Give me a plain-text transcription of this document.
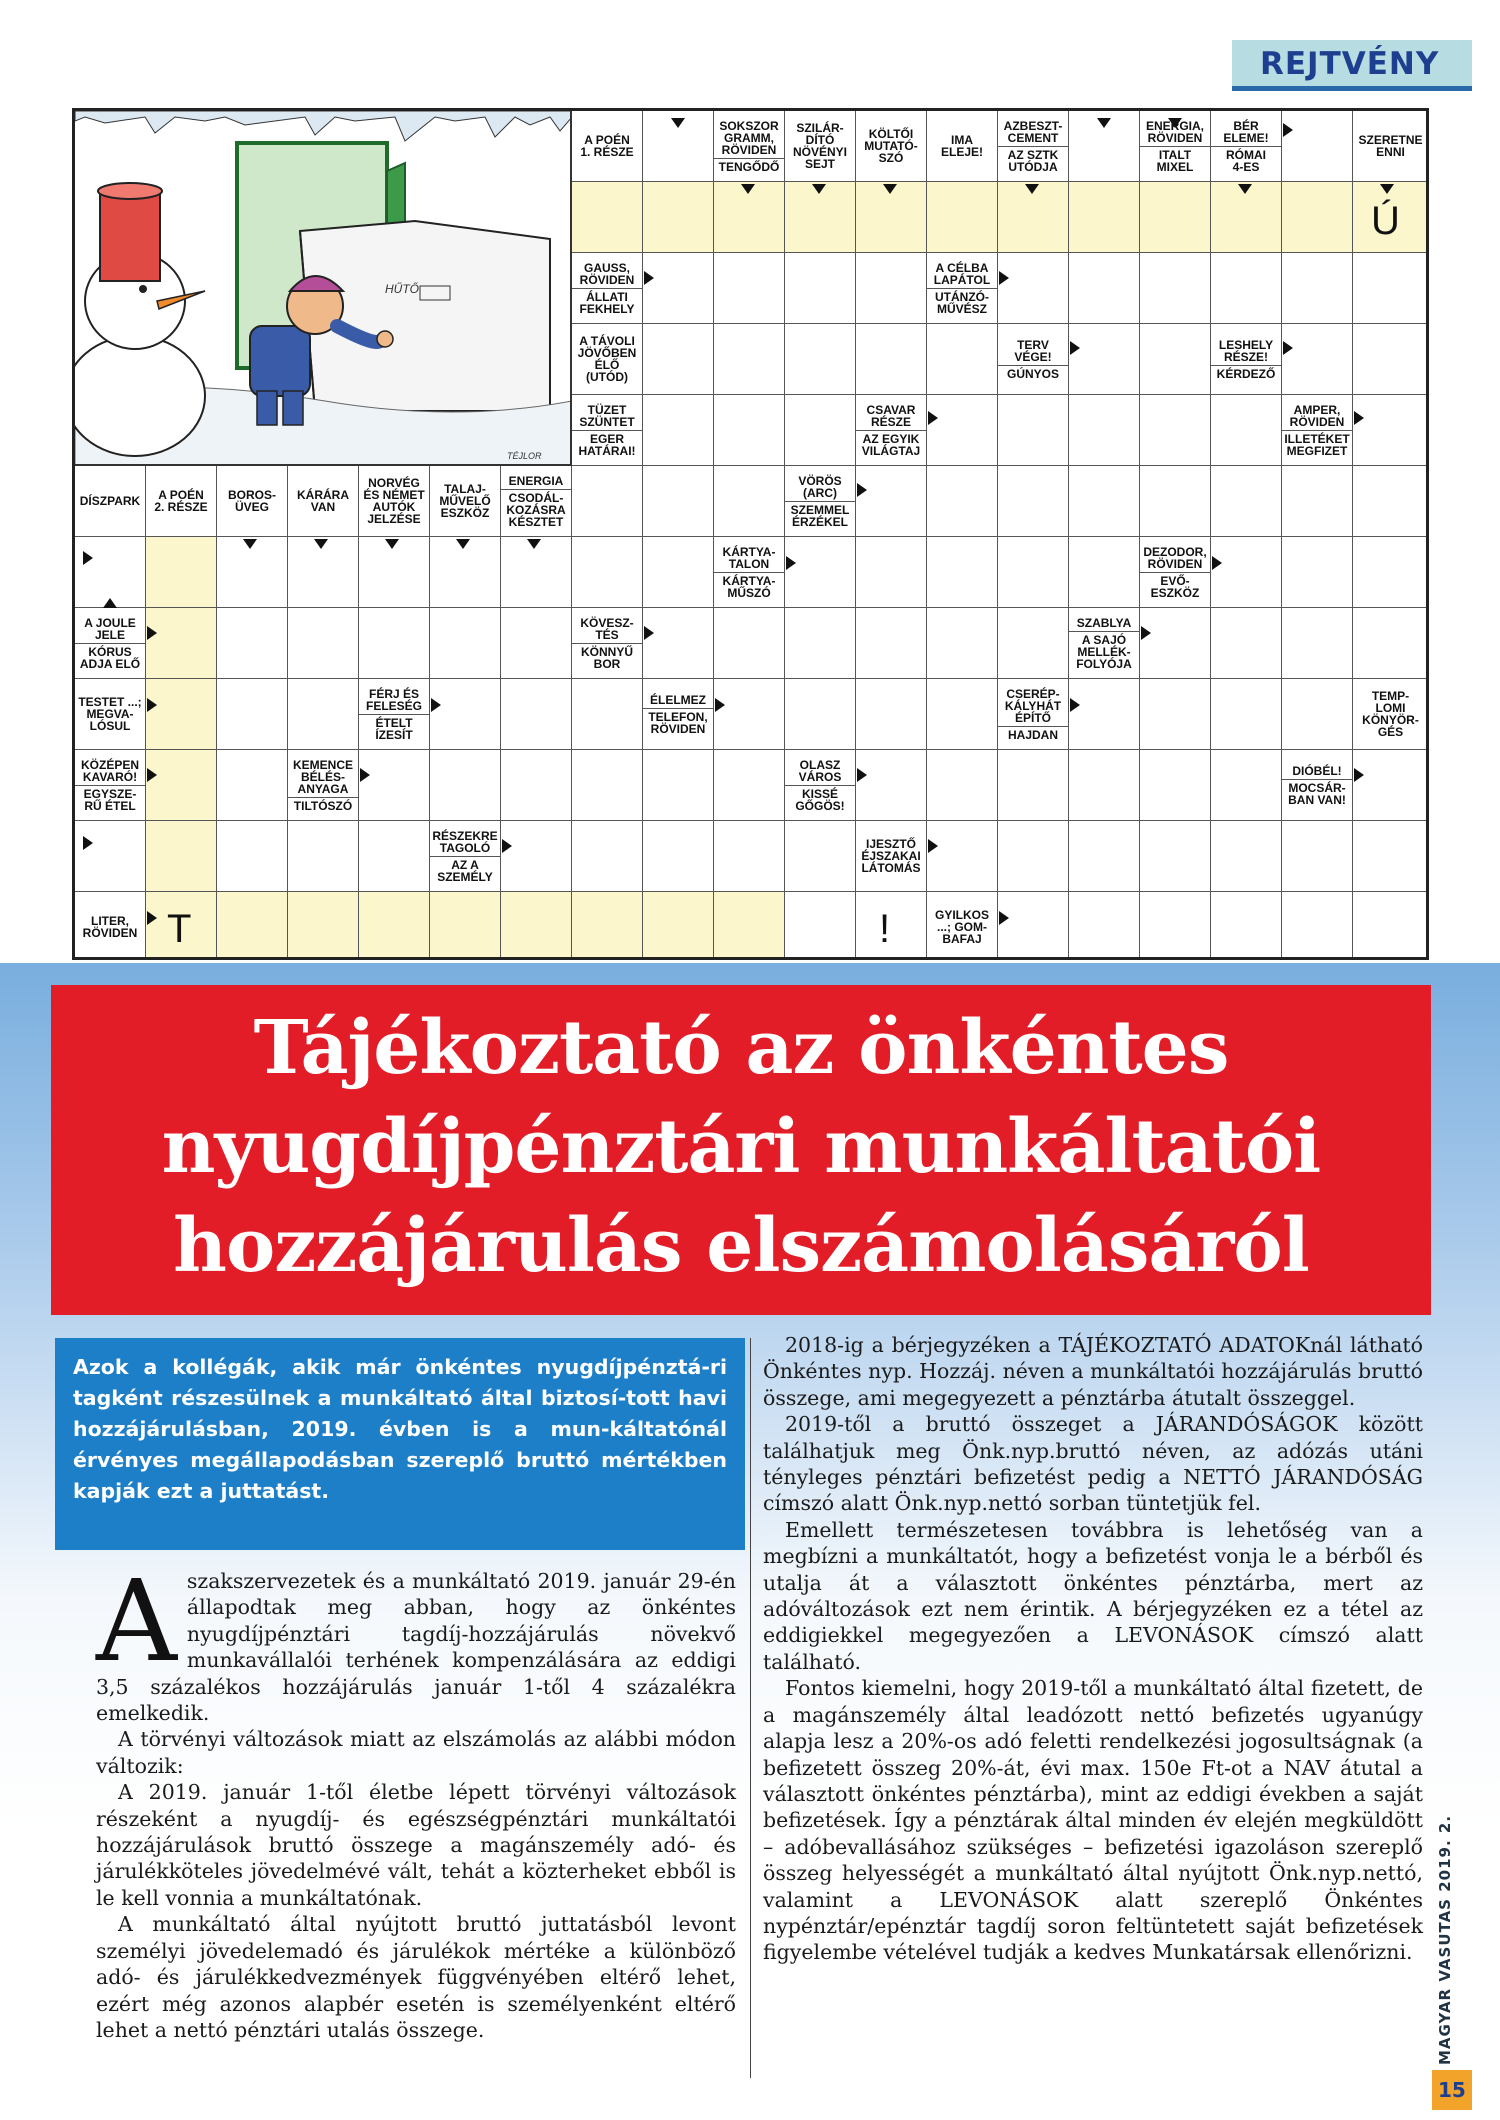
REJTVÉNY
HŰTŐ
TÉJLOR
A POÉN
1. RÉSZE
SOKSZOR
GRAMM,
RÖVIDEN
TENGŐDŐ
SZILÁR-
DÍTÓ
NÖVÉNYI
SEJT
KÖLTŐI
MUTATÓ-
SZÓ
IMA
ELEJE!
AZBESZT-
CEMENT
AZ SZTK
UTÓDJA
ENERGIA,
RÖVIDEN
ITALT
MIXEL
BÉR
ELEME!
RÓMAI
4-ES
SZERETNE
ENNI
GAUSS,
RÖVIDEN
ÁLLATI
FEKHELY
A TÁVOLI
JÖVŐBEN
ÉLŐ
(UTÓD)
TÜZET
SZÜNTET
EGER
HATÁRAI!
A CÉLBA
LAPÁTOL
UTÁNZÓ-
MŰVÉSZ
TERV
VÉGE!
GÚNYOS
LESHELY
RÉSZE!
KÉRDEZŐ
CSAVAR
RÉSZE
AZ EGYIK
VILÁGTAJ
AMPER,
RÖVIDEN
ILLETÉKET
MEGFIZET
DÍSZPARK	A POÉN
2. RÉSZE
BOROS-
ÜVEG
KÁRÁRA
VAN
NORVÉG
ÉS NÉMET
AUTÓK
JELZÉSE
TALAJ-
MŰVELŐ
ESZKÖZ
ENERGIA
CSODÁL-
KOZÁSRA
KÉSZTET
VÖRÖS
(ARC)
SZEMMEL
ÉRZÉKEL
KÁRTYA-
TALON
KÁRTYA-
MŰSZÓ
DEZODOR,
RÖVIDEN
EVŐ-
ESZKÖZ
A JOULE
JELE
KÓRUS
ADJA ELŐ
KÖVESZ-
TÉS
KÖNNYŰ
BOR
SZABLYA
A SAJÓ
MELLÉK-
FOLYÓJA
TESTET ...;
MEGVA-
LÓSUL
FÉRJ ÉS
FELESÉG
ÉTELT
ÍZESÍT
ÉLELMEZ
TELEFON,
RÖVIDEN
CSERÉP-
KÁLYHÁT
ÉPÍTŐ
HAJDAN
TEMP-
LOMI
KÖNYÖR-
GÉS
KÖZÉPEN
KAVARÓ!
EGYSZE-
RŰ ÉTEL
KEMENCE
BÉLÉS-
ANYAGA
TILTÓSZÓ
OLASZ
VÁROS
KISSÉ
GŐGÖS!
DIÓBÉL!
MOCSÁR-
BAN VAN!
RÉSZEKRE
TAGOLÓ
AZ A
SZEMÉLY
IJESZTŐ
ÉJSZAKAI
LÁTOMÁS
LITER,
RÖVIDEN
GYILKOS
...; GOM-
BAFAJ
Ú
T	!
Tájékoztató az önkéntes
nyugdíjpénztári munkáltatói
hozzájárulás elszámolásáról

Azok a kollégák, akik már önkéntes nyugdíjpénztá-ri tagként részesülnek a munkáltató által biztosí-tott havi hozzájárulásban, 2019. évben is a mun-káltatónál érvényes megállapodásban szereplő bruttó mértékben kapják ezt a juttatást.

Aszakszervezetek és a munkáltató 2019. január 29-én állapodtak meg abban, hogy az önkéntes nyugdíjpénztári tagdíj-hozzájárulás növekvő munkavállalói terhének kompenzálására az eddigi 3,5 százalékos hozzájárulás január 1-től 4 százalékra emelkedik.

A törvényi változások miatt az elszámolás az alábbi módon változik:

A 2019. január 1-től életbe lépett törvényi változások részeként a nyugdíj- és egészségpénztári munkáltatói hozzájárulások bruttó összege a magánszemély adó- és járulékköteles jövedelmévé vált, tehát a közterheket ebből is le kell vonnia a munkáltatónak.

A munkáltató által nyújtott bruttó juttatásból levont személyi jövedelemadó és járulékok mértéke a különböző adó- és járulékkedvezmények függvényében eltérő lehet, ezért még azonos alapbér esetén is személyenként eltérő lehet a nettó pénztári utalás összege.

2018-ig a bérjegyzéken a TÁJÉKOZTATÓ ADATOKnál látható Önkéntes nyp. Hozzáj. néven a munkáltatói hozzájárulás bruttó összege, ami megegyezett a pénztárba átutalt összeggel.

2019-től a bruttó összeget a JÁRANDÓSÁGOK között találhatjuk meg Önk.nyp.bruttó néven, az adózás utáni tényleges pénztári befizetést pedig a NETTÓ JÁRANDÓSÁG címszó alatt Önk.nyp.nettó sorban tüntetjük fel.

Emellett természetesen továbbra is lehetőség van a megbízni a munkáltatót, hogy a befizetést vonja le a bérből és utalja át a választott önkéntes pénztárba, mert az adóváltozások ezt nem érintik. A bérjegyzéken ez a tétel az eddigiekkel megegyezően a LEVONÁSOK címszó alatt található.

Fontos kiemelni, hogy 2019-től a munkáltató által fizetett, de a magánszemély által leadózott nettó befizetés ugyanúgy alapja lesz a 20%-os adó feletti rendelkezési jogosultságnak (a befizetett összeg 20%-át, évi max. 150e Ft-ot a NAV átutal a választott önkéntes pénztárba), mint az eddigi években a saját befizetések. Így a pénztárak által minden év elején megküldött – adóbevallásához szükséges – befizetési igazoláson szereplő összeg helyességét a munkáltató által nyújtott Önk.nyp.nettó, valamint a LEVONÁSOK alatt szereplő Önkéntes nypénztár/epénztár tagdíj soron feltüntetett saját befizetések figyelembe vételével tudják a kedves Munkatársak ellenőrizni.	MAGYAR VASUTAS 2019. 2.
15
